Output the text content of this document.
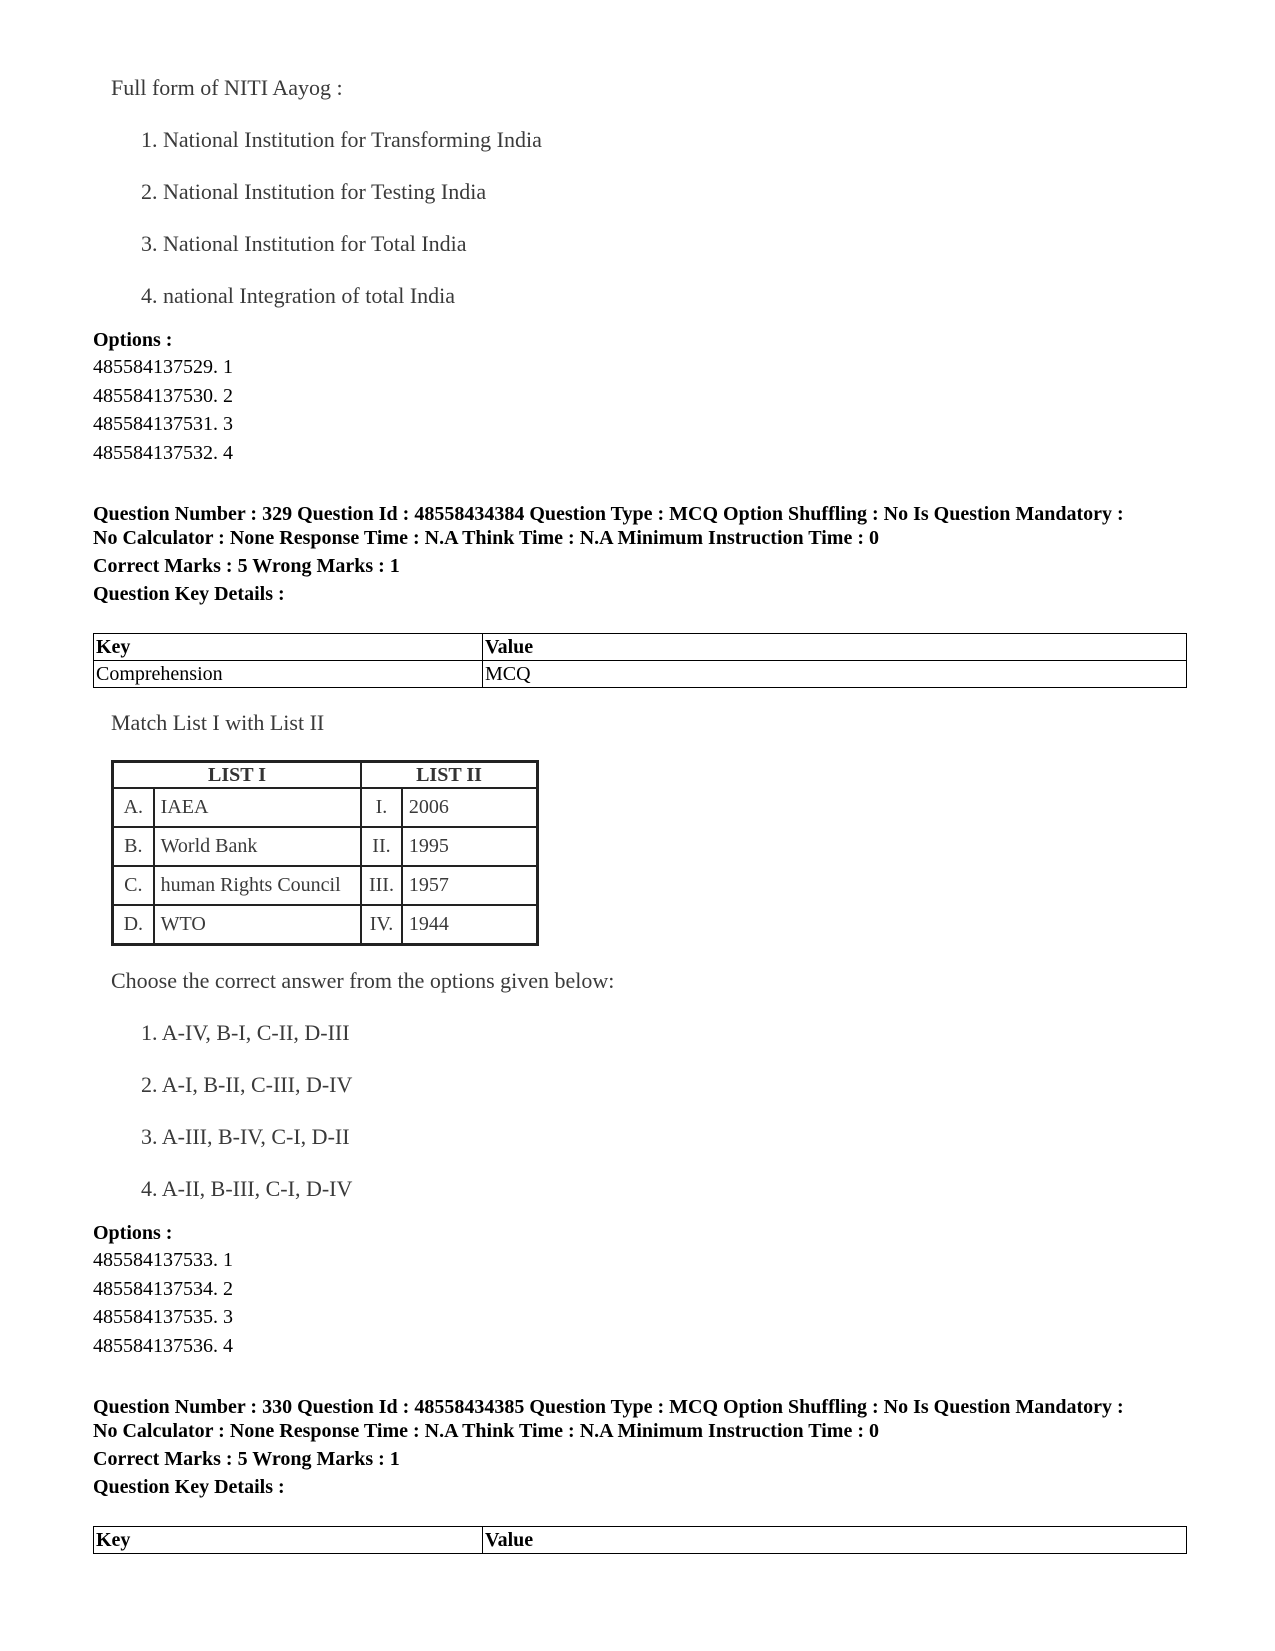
Full form of NITI Aayog :
1. National Institution for Transforming India
2. National Institution for Testing India
3. National Institution for Total India
4. national Integration of total India
Options :
485584137529. 1
485584137530. 2
485584137531. 3
485584137532. 4
Question Number : 329 Question Id : 48558434384 Question Type : MCQ Option Shuffling : No Is Question Mandatory :
No Calculator : None Response Time : N.A Think Time : N.A Minimum Instruction Time : 0
Correct Marks : 5 Wrong Marks : 1
Question Key Details :
Key	Value
Comprehension	MCQ
Match List I with List II
LIST I		LIST II	
A.	IAEA	I.	2006
B.	World Bank	II.	1995
C.	human Rights Council	III.	1957
D.	WTO	IV.	1944
Choose the correct answer from the options given below:
1. A-IV, B-I, C-II, D-III
2. A-I, B-II, C-III, D-IV
3. A-III, B-IV, C-I, D-II
4. A-II, B-III, C-I, D-IV
Options :
485584137533. 1
485584137534. 2
485584137535. 3
485584137536. 4
Question Number : 330 Question Id : 48558434385 Question Type : MCQ Option Shuffling : No Is Question Mandatory :
No Calculator : None Response Time : N.A Think Time : N.A Minimum Instruction Time : 0
Correct Marks : 5 Wrong Marks : 1
Question Key Details :
Key	Value
